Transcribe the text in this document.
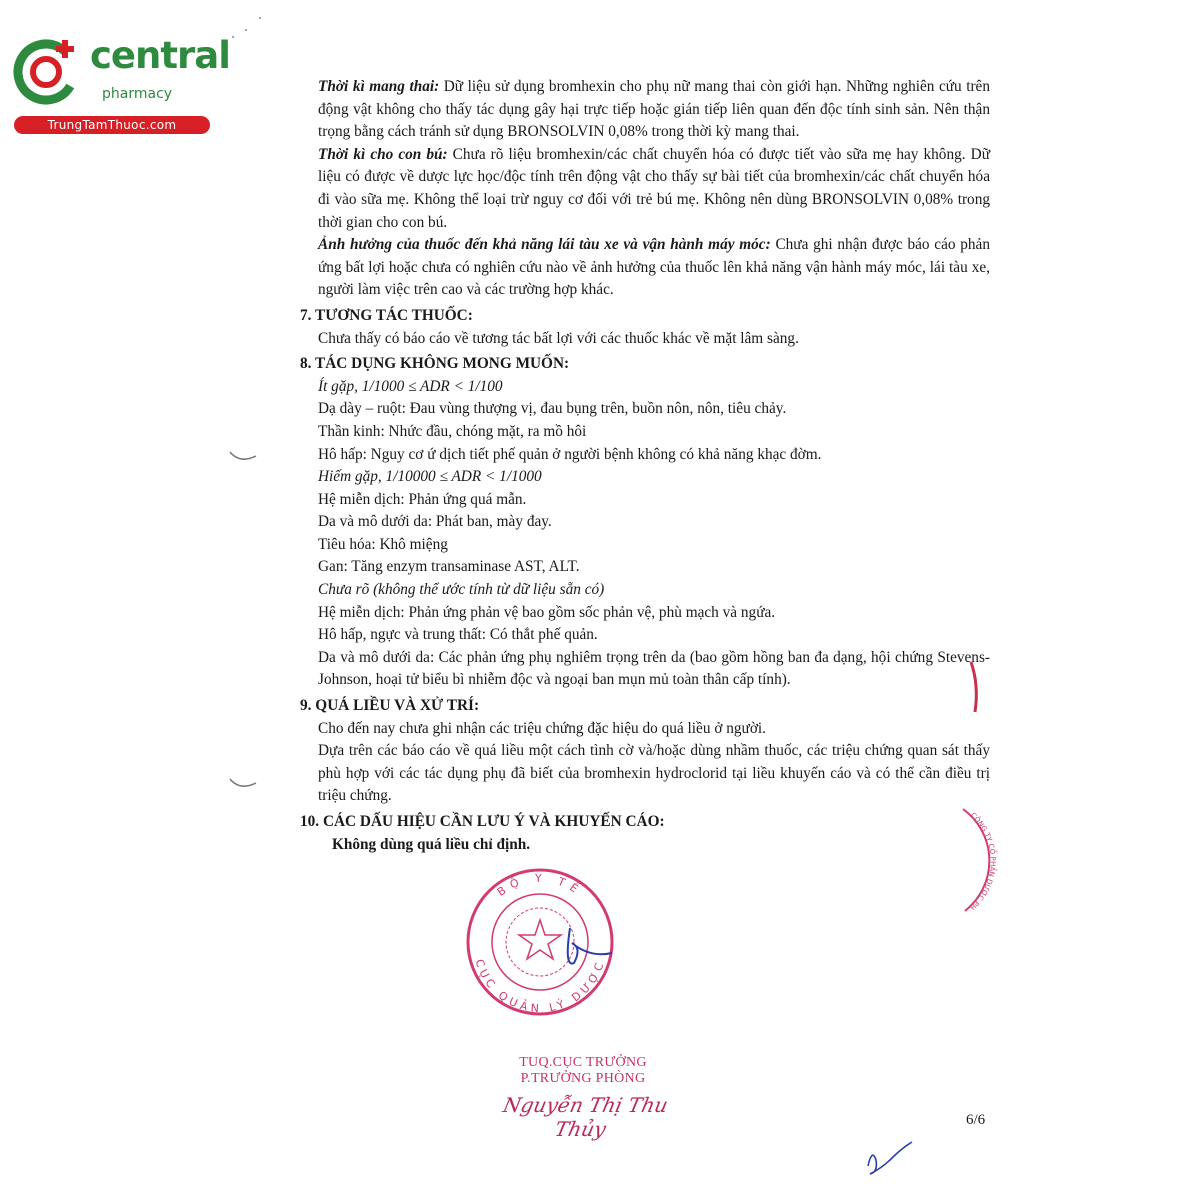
central
pharmacy
TrungTamThuoc.com

Thời kì mang thai: Dữ liệu sử dụng bromhexin cho phụ nữ mang thai còn giới hạn. Những nghiên cứu trên động vật không cho thấy tác dụng gây hại trực tiếp hoặc gián tiếp liên quan đến độc tính sinh sản. Nên thận trọng bằng cách tránh sử dụng BRONSOLVIN 0,08% trong thời kỳ mang thai.

Thời kì cho con bú: Chưa rõ liệu bromhexin/các chất chuyển hóa có được tiết vào sữa mẹ hay không. Dữ liệu có được về dược lực học/độc tính trên động vật cho thấy sự bài tiết của bromhexin/các chất chuyển hóa đi vào sữa mẹ. Không thể loại trừ nguy cơ đối với trẻ bú mẹ. Không nên dùng BRONSOLVIN 0,08% trong thời gian cho con bú.

Ảnh hưởng của thuốc đến khả năng lái tàu xe và vận hành máy móc: Chưa ghi nhận được báo cáo phản ứng bất lợi hoặc chưa có nghiên cứu nào về ảnh hưởng của thuốc lên khả năng vận hành máy móc, lái tàu xe, người làm việc trên cao và các trường hợp khác.

7. TƯƠNG TÁC THUỐC:

Chưa thấy có báo cáo về tương tác bất lợi với các thuốc khác về mặt lâm sàng.

8. TÁC DỤNG KHÔNG MONG MUỐN:

Ít gặp, 1/1000 ≤ ADR < 1/100

Dạ dày – ruột: Đau vùng thượng vị, đau bụng trên, buồn nôn, nôn, tiêu chảy.

Thần kinh: Nhức đầu, chóng mặt, ra mồ hôi

Hô hấp: Nguy cơ ứ dịch tiết phế quản ở người bệnh không có khả năng khạc đờm.

Hiếm gặp, 1/10000 ≤ ADR < 1/1000

Hệ miễn dịch: Phản ứng quá mẫn.

Da và mô dưới da: Phát ban, mày đay.

Tiêu hóa: Khô miệng

Gan: Tăng enzym transaminase AST, ALT.

Chưa rõ (không thể ước tính từ dữ liệu sẵn có)

Hệ miễn dịch: Phản ứng phản vệ bao gồm sốc phản vệ, phù mạch và ngứa.

Hô hấp, ngực và trung thất: Có thắt phế quản.

Da và mô dưới da: Các phản ứng phụ nghiêm trọng trên da (bao gồm hồng ban đa dạng, hội chứng Stevens-Johnson, hoại tử biểu bì nhiễm độc và ngoại ban mụn mủ toàn thân cấp tính).

9. QUÁ LIỀU VÀ XỬ TRÍ:

Cho đến nay chưa ghi nhận các triệu chứng đặc hiệu do quá liều ở người.

Dựa trên các báo cáo về quá liều một cách tình cờ và/hoặc dùng nhầm thuốc, các triệu chứng quan sát thấy phù hợp với các tác dụng phụ đã biết của bromhexin hydroclorid tại liều khuyến cáo và có thể cần điều trị triệu chứng.

10. CÁC DẤU HIỆU CẦN LƯU Ý VÀ KHUYẾN CÁO:

Không dùng quá liều chỉ định.

BỘ Y TẾ
CỤC QUẢN LÝ DƯỢC
CÔNG TY CỔ PHẦN DƯỢC PH
TUQ.CỤC TRƯỞNG
P.TRƯỞNG PHÒNG
Nguyễn Thị Thu Thủy	6/6
